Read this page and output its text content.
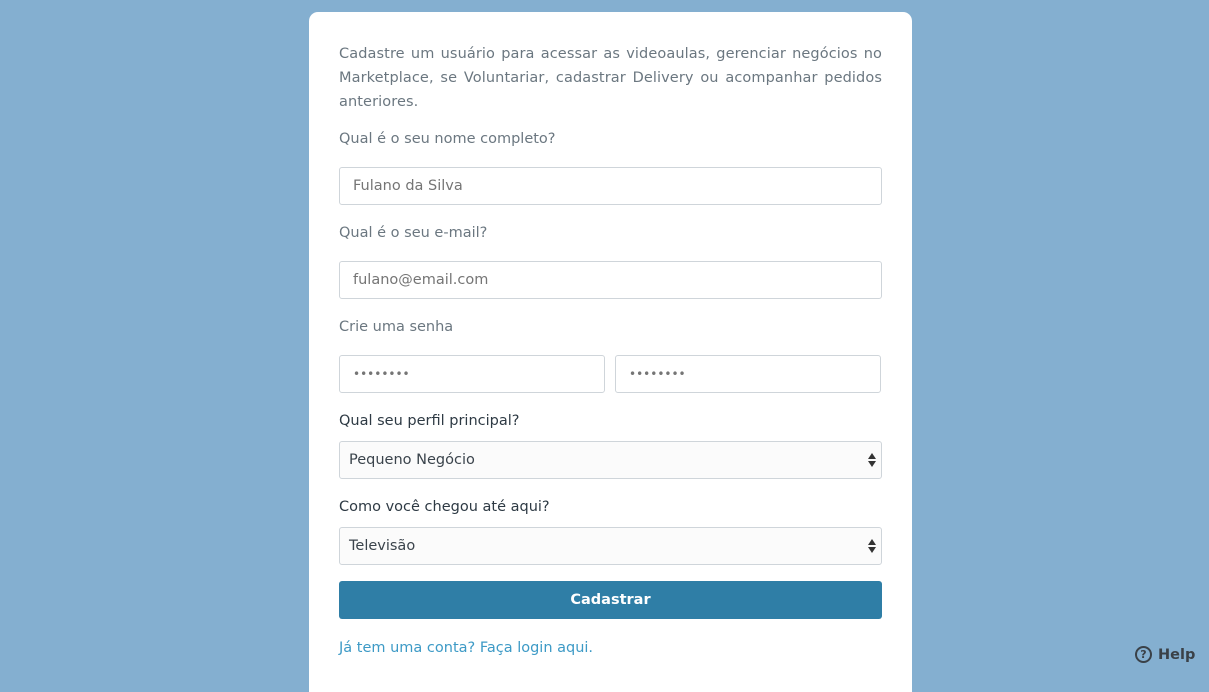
Cadastre um usuário para acessar as videoaulas, gerenciar negócios no Marketplace, se Voluntariar, cadastrar Delivery ou acompanhar pedidos anteriores.

Qual é o seu nome completo?
Fulano da Silva
Qual é o seu e-mail?
fulano@email.com
Crie uma senha
••••••••
••••••••
Qual seu perfil principal?
Pequeno Negócio
Como você chegou até aqui?
Televisão
Cadastrar
Já tem uma conta? Faça login aqui.	? Help
